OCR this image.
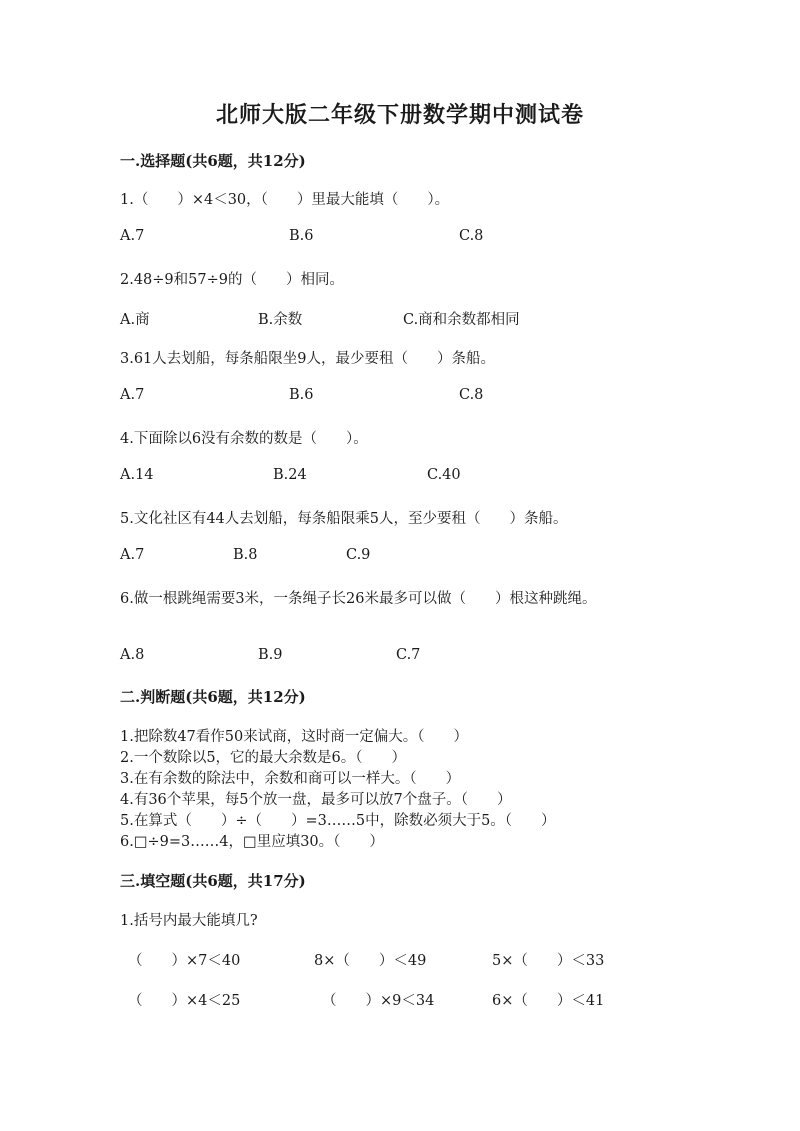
北师大版二年级下册数学期中测试卷
一.选择题(共6题，共12分)
1.（　　）×4＜30，（　　）里最大能填（　　）。
A.7	B.6	C.8
2.48÷9和57÷9的（　　）相同。
A.商	B.余数	C.商和余数都相同
3.61人去划船，每条船限坐9人，最少要租（　　）条船。
A.7	B.6	C.8
4.下面除以6没有余数的数是（　　）。
A.14	B.24	C.40
5.文化社区有44人去划船，每条船限乘5人，至少要租（　　）条船。
A.7	B.8	C.9
6.做一根跳绳需要3米，一条绳子长26米最多可以做（　　）根这种跳绳。
A.8	B.9	C.7
二.判断题(共6题，共12分)
1.把除数47看作50来试商，这时商一定偏大。（　　）
2.一个数除以5，它的最大余数是6。（　　）
3.在有余数的除法中，余数和商可以一样大。（　　）
4.有36个苹果，每5个放一盘，最多可以放7个盘子。（　　）
5.在算式（　　）÷（　　）=3……5中，除数必须大于5。（　　）
6.□÷9=3……4，□里应填30。（　　）
三.填空题(共6题，共17分)
1.括号内最大能填几?
（　　）×7＜40	8×（　　）＜49	5×（　　）＜33
（　　）×4＜25	（　　）×9＜34	6×（　　）＜41
